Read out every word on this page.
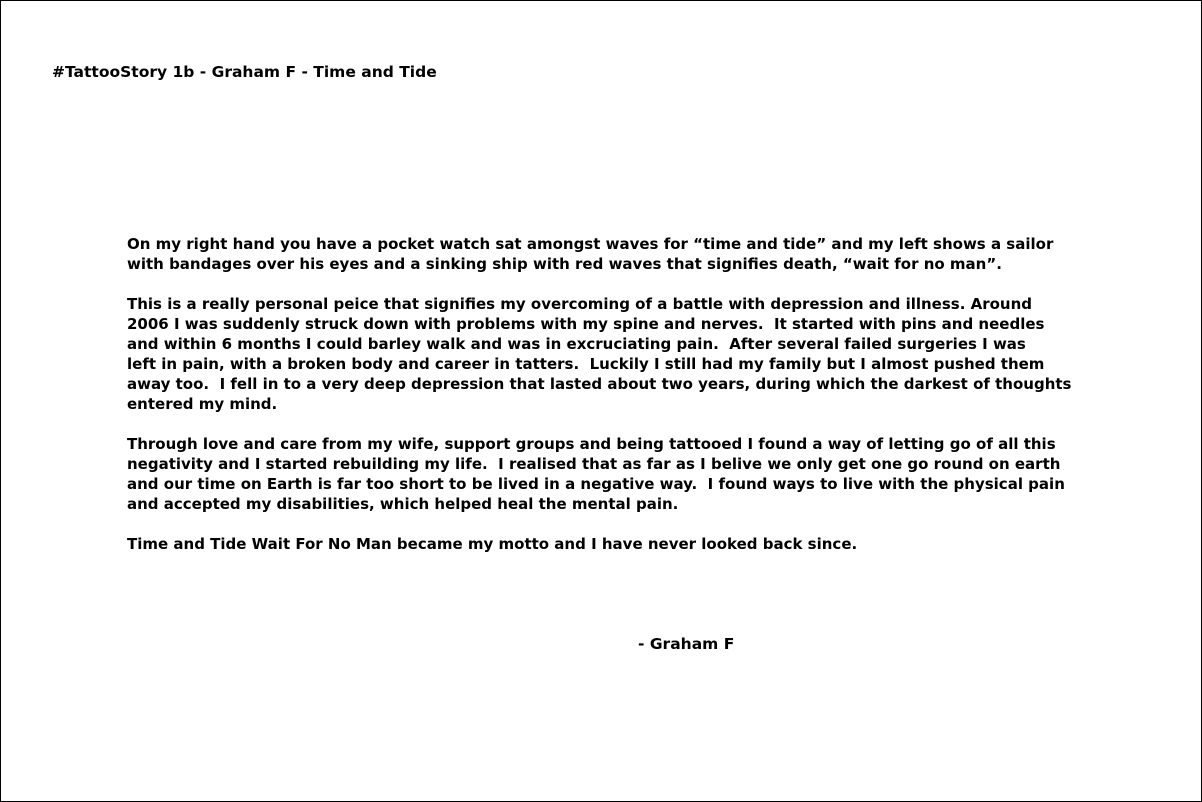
#TattooStory 1b - Graham F - Time and Tide
On my right hand you have a pocket watch sat amongst waves for “time and tide” and my left shows a sailor
with bandages over his eyes and a sinking ship with red waves that signifies death, “wait for no man”.
This is a really personal peice that signifies my overcoming of a battle with depression and illness. Around
2006 I was suddenly struck down with problems with my spine and nerves.  It started with pins and needles
and within 6 months I could barley walk and was in excruciating pain.  After several failed surgeries I was
left in pain, with a broken body and career in tatters.  Luckily I still had my family but I almost pushed them
away too.  I fell in to a very deep depression that lasted about two years, during which the darkest of thoughts
entered my mind.
Through love and care from my wife, support groups and being tattooed I found a way of letting go of all this
negativity and I started rebuilding my life.  I realised that as far as I belive we only get one go round on earth
and our time on Earth is far too short to be lived in a negative way.  I found ways to live with the physical pain
and accepted my disabilities, which helped heal the mental pain.
Time and Tide Wait For No Man became my motto and I have never looked back since.
- Graham F
